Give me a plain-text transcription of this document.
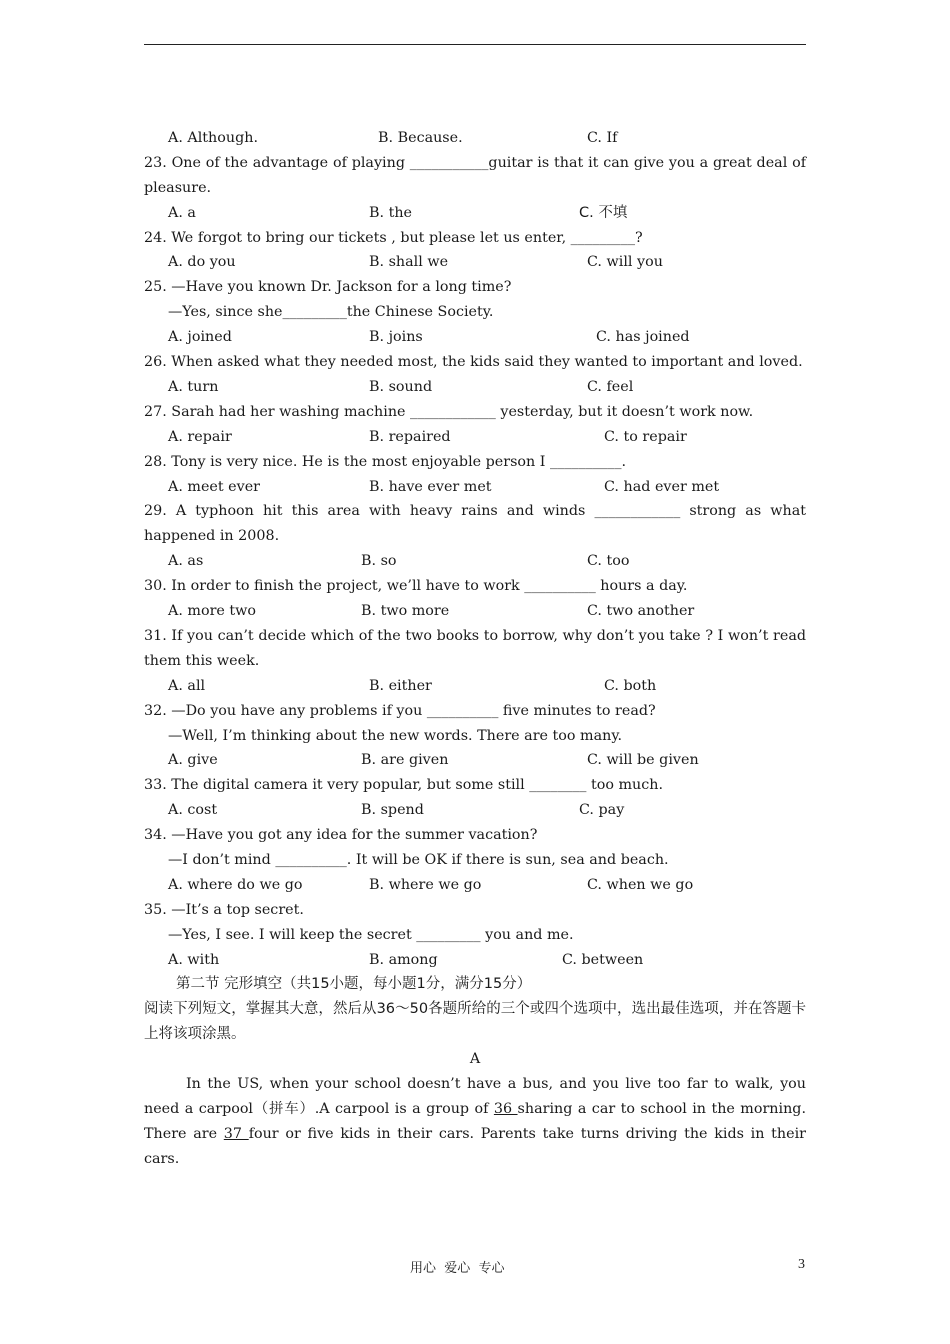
A. Although.

	B. Because.

	C. If

23. One of the advantage of playing ___________guitar is that it can give you a great deal of pleasure.

A. a

	B. the

	C. 不填

24. We forgot to bring our tickets , but please let us enter, _________?

A. do you

	B. shall we

	C. will you

25. —Have you known Dr. Jackson for a long time?
—Yes, since she_________the Chinese Society.

A. joined

	B. joins

	C. has joined

26. When asked what they needed most, the kids said they wanted to important and loved.

A. turn

	B. sound

	C. feel

27. Sarah had her washing machine ____________ yesterday, but it doesn’t work now.

A. repair

	B. repaired

	C. to repair

28. Tony is very nice. He is the most enjoyable person I __________.

A. meet ever

	B. have ever met

	C. had ever met

29. A typhoon hit this area with heavy rains and winds ____________ strong as what happened in 2008.

A. as

	B. so

	C. too

30. In order to finish the project, we’ll have to work __________ hours a day.

A. more two

	B. two more

	C. two another

31. If you can’t decide which of the two books to borrow, why don’t you take ? I won’t read them this week.

A. all

	B. either

	C. both

32. —Do you have any problems if you __________ five minutes to read?
—Well, I’m thinking about the new words. There are too many.

A. give

	B. are given

	C. will be given

33. The digital camera it very popular, but some still ________ too much.

A. cost

	B. spend

	C. pay

34. —Have you got any idea for the summer vacation?
—I don’t mind __________. It will be OK if there is sun, sea and beach.

A. where do we go

	B. where we go

	C. when we go

35. —It’s a top secret.
—Yes, I see. I will keep the secret _________ you and me.

A. with

	B. among

	C. between

第二节 完形填空（共15小题，每小题1分，满分15分）
阅读下列短文，掌握其大意，然后从36～50各题所给的三个或四个选项中，选出最佳选项，并在答题卡上将该项涂黑。
A
In the US, when your school doesn’t have a bus, and you live too far to walk, you need a carpool（拼车）.A carpool is a group of 36 sharing a car to school in the morning. There are 37 four or five kids in their cars. Parents take turns driving the kids in their cars.
用心  爱心  专心	3
